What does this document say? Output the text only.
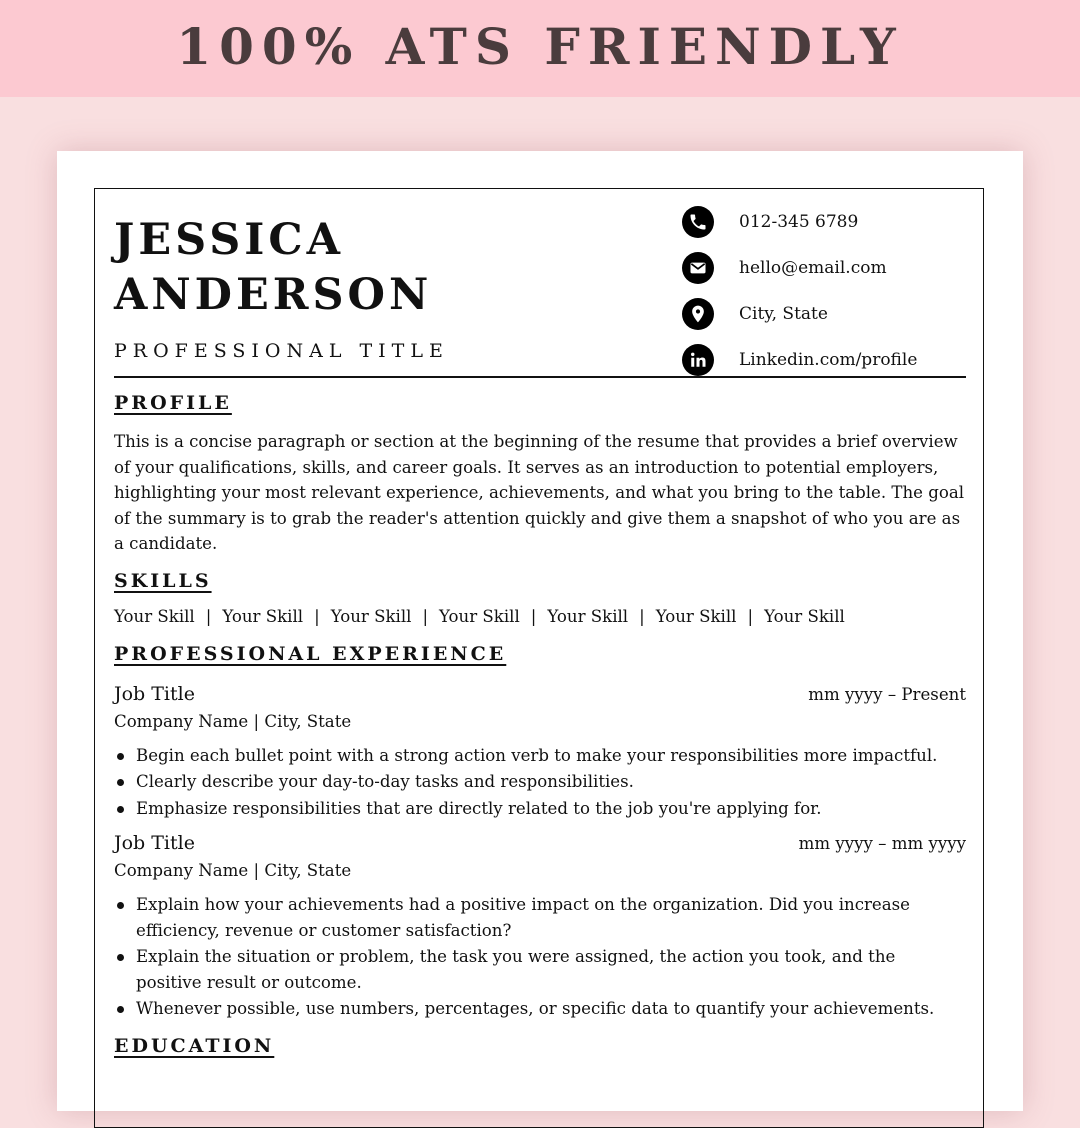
100% ATS FRIENDLY
JESSICA
ANDERSON
PROFESSIONAL TITLE
012-345 6789
hello@email.com
City, State
Linkedin.com/profile
PROFILE

This is a concise paragraph or section at the beginning of the resume that provides a brief overview of your qualifications, skills, and career goals. It serves as an introduction to potential employers, highlighting your most relevant experience, achievements, and what you bring to the table. The goal of the summary is to grab the reader's attention quickly and give them a snapshot of who you are as a candidate.

SKILLS
Your Skill | Your Skill | Your Skill | Your Skill | Your Skill | Your Skill | Your Skill
PROFESSIONAL EXPERIENCE
Job Title	mm yyyy – Present
Company Name | City, State
Begin each bullet point with a strong action verb to make your responsibilities more impactful.
Clearly describe your day-to-day tasks and responsibilities.
Emphasize responsibilities that are directly related to the job you're applying for.
Job Title	mm yyyy – mm yyyy
Company Name | City, State
Explain how your achievements had a positive impact on the organization. Did you increase efficiency, revenue or customer satisfaction?
Explain the situation or problem, the task you were assigned, the action you took, and the positive result or outcome.
Whenever possible, use numbers, percentages, or specific data to quantify your achievements.
EDUCATION
